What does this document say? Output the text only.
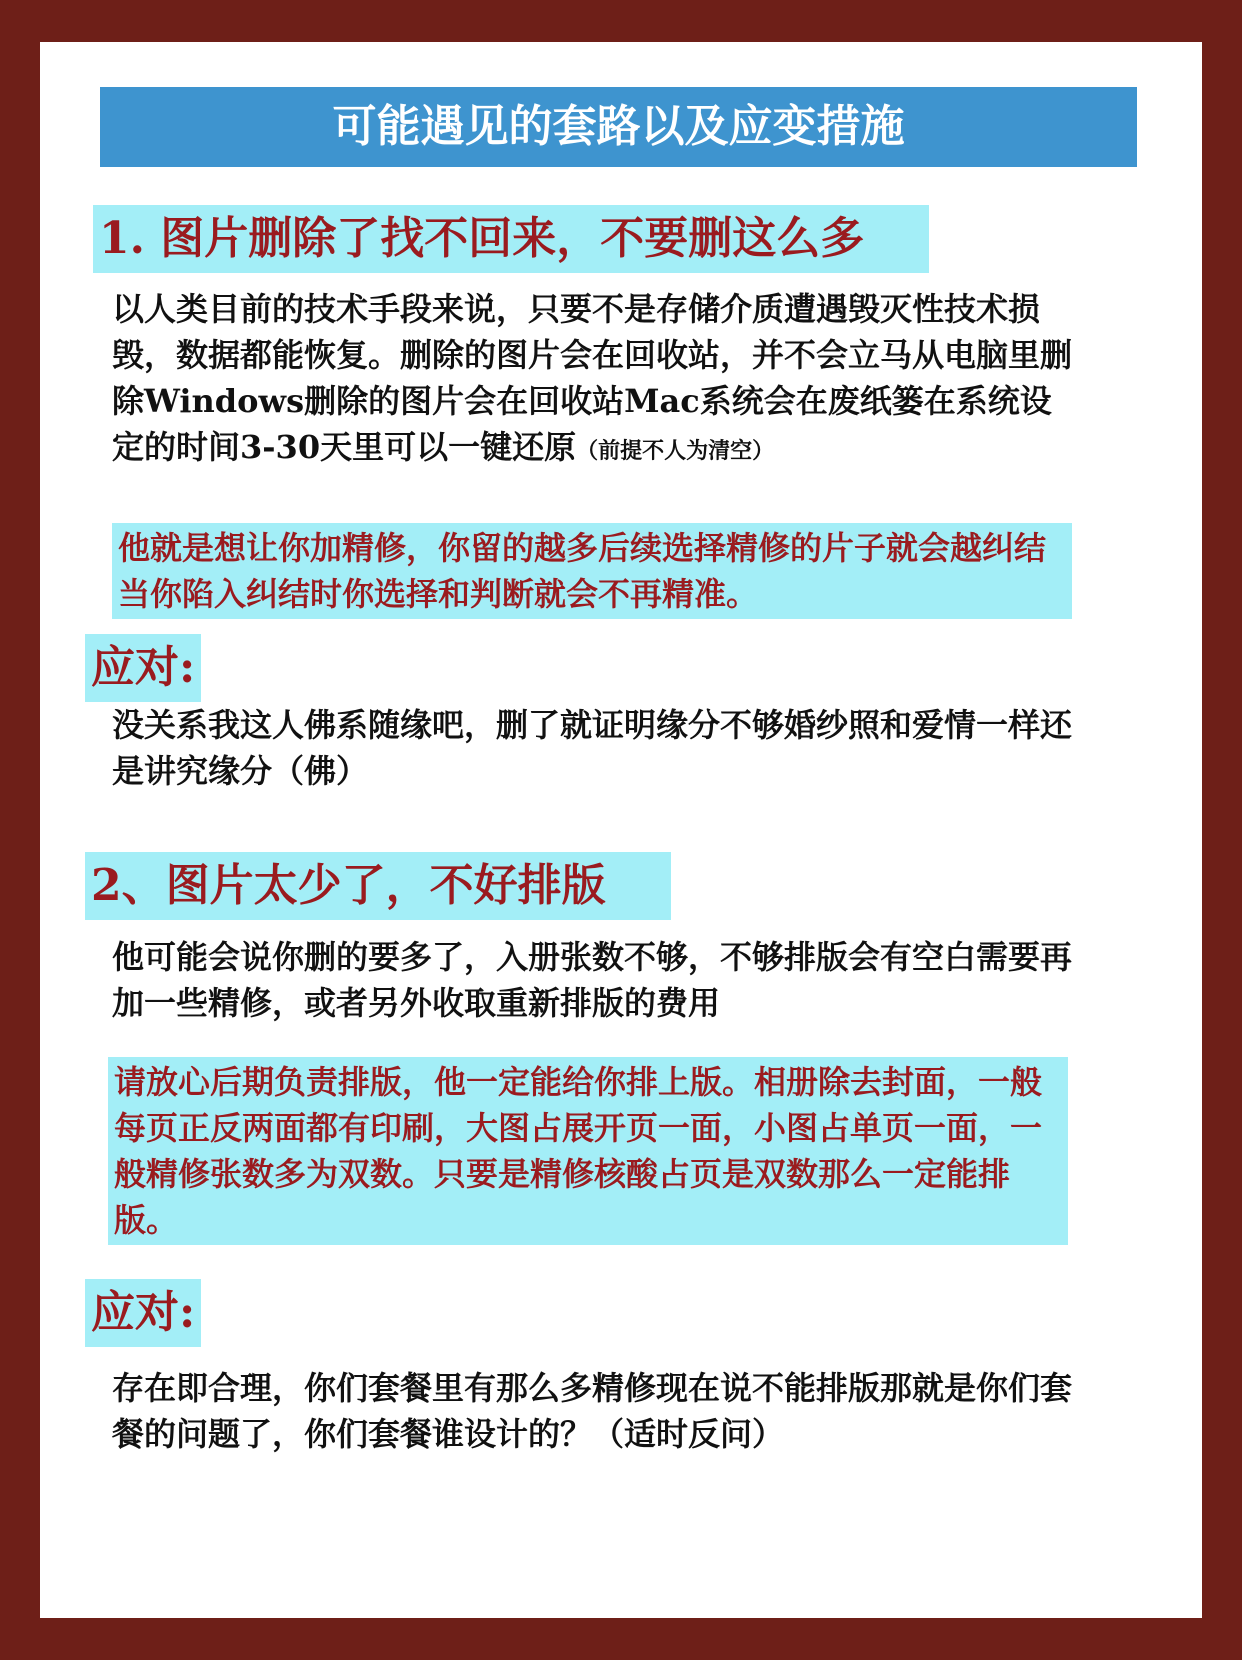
可能遇见的套路以及应变措施
1. 图片删除了找不回来，不要删这么多
以人类目前的技术手段来说，只要不是存储介质遭遇毁灭性技术损毁，数据都能恢复。删除的图片会在回收站，并不会立马从电脑里删除Windows删除的图片会在回收站Mac系统会在废纸篓在系统设定的时间3-30天里可以一键还原（前提不人为清空）
他就是想让你加精修，你留的越多后续选择精修的片子就会越纠结 当你陷入纠结时你选择和判断就会不再精准。
应对:
没关系我这人佛系随缘吧，删了就证明缘分不够婚纱照和爱情一样还是讲究缘分（佛）
2、图片太少了，不好排版
他可能会说你删的要多了，入册张数不够，不够排版会有空白需要再加一些精修，或者另外收取重新排版的费用
请放心后期负责排版，他一定能给你排上版。相册除去封面，一般每页正反两面都有印刷，大图占展开页一面，小图占单页一面，一般精修张数多为双数。只要是精修核酸占页是双数那么一定能排版。
应对:
存在即合理，你们套餐里有那么多精修现在说不能排版那就是你们套餐的问题了，你们套餐谁设计的？（适时反问）
